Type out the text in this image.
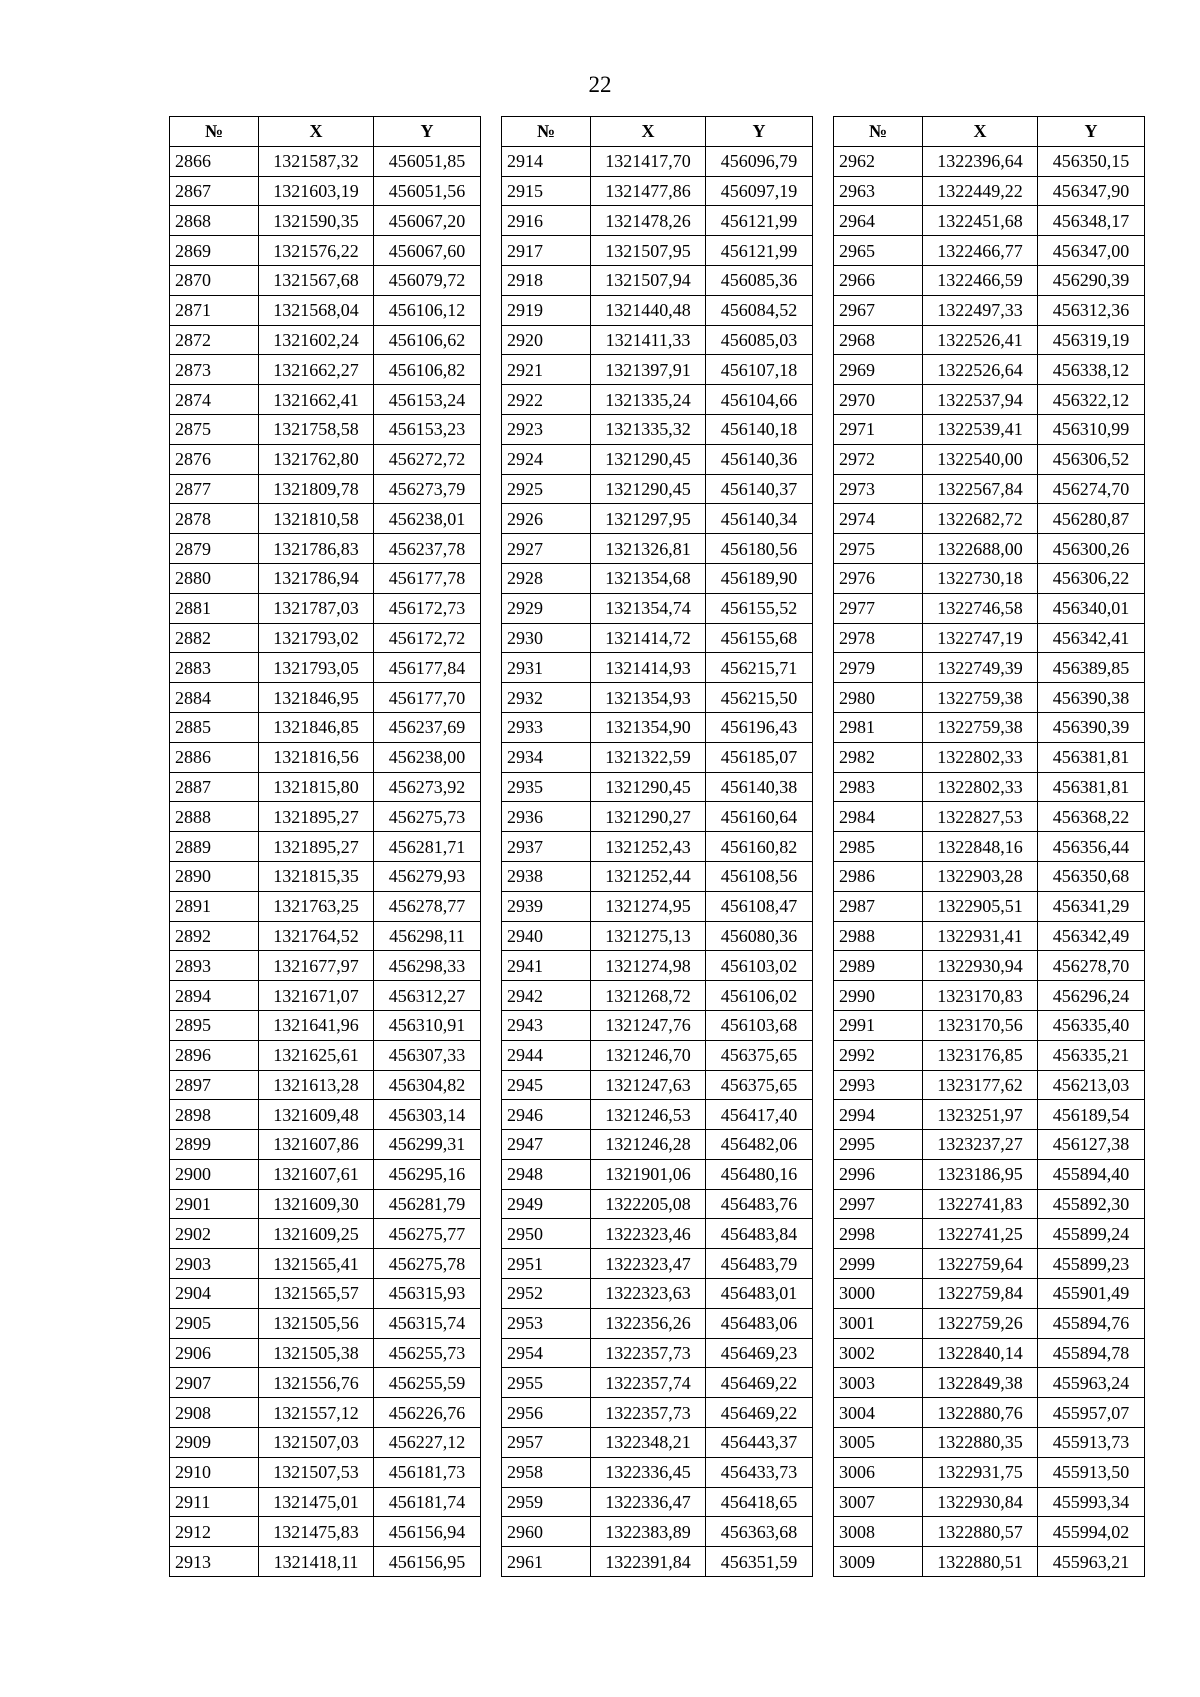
22
№	X	Y
2866	1321587,32	456051,85
2867	1321603,19	456051,56
2868	1321590,35	456067,20
2869	1321576,22	456067,60
2870	1321567,68	456079,72
2871	1321568,04	456106,12
2872	1321602,24	456106,62
2873	1321662,27	456106,82
2874	1321662,41	456153,24
2875	1321758,58	456153,23
2876	1321762,80	456272,72
2877	1321809,78	456273,79
2878	1321810,58	456238,01
2879	1321786,83	456237,78
2880	1321786,94	456177,78
2881	1321787,03	456172,73
2882	1321793,02	456172,72
2883	1321793,05	456177,84
2884	1321846,95	456177,70
2885	1321846,85	456237,69
2886	1321816,56	456238,00
2887	1321815,80	456273,92
2888	1321895,27	456275,73
2889	1321895,27	456281,71
2890	1321815,35	456279,93
2891	1321763,25	456278,77
2892	1321764,52	456298,11
2893	1321677,97	456298,33
2894	1321671,07	456312,27
2895	1321641,96	456310,91
2896	1321625,61	456307,33
2897	1321613,28	456304,82
2898	1321609,48	456303,14
2899	1321607,86	456299,31
2900	1321607,61	456295,16
2901	1321609,30	456281,79
2902	1321609,25	456275,77
2903	1321565,41	456275,78
2904	1321565,57	456315,93
2905	1321505,56	456315,74
2906	1321505,38	456255,73
2907	1321556,76	456255,59
2908	1321557,12	456226,76
2909	1321507,03	456227,12
2910	1321507,53	456181,73
2911	1321475,01	456181,74
2912	1321475,83	456156,94
2913	1321418,11	456156,95
№	X	Y
2914	1321417,70	456096,79
2915	1321477,86	456097,19
2916	1321478,26	456121,99
2917	1321507,95	456121,99
2918	1321507,94	456085,36
2919	1321440,48	456084,52
2920	1321411,33	456085,03
2921	1321397,91	456107,18
2922	1321335,24	456104,66
2923	1321335,32	456140,18
2924	1321290,45	456140,36
2925	1321290,45	456140,37
2926	1321297,95	456140,34
2927	1321326,81	456180,56
2928	1321354,68	456189,90
2929	1321354,74	456155,52
2930	1321414,72	456155,68
2931	1321414,93	456215,71
2932	1321354,93	456215,50
2933	1321354,90	456196,43
2934	1321322,59	456185,07
2935	1321290,45	456140,38
2936	1321290,27	456160,64
2937	1321252,43	456160,82
2938	1321252,44	456108,56
2939	1321274,95	456108,47
2940	1321275,13	456080,36
2941	1321274,98	456103,02
2942	1321268,72	456106,02
2943	1321247,76	456103,68
2944	1321246,70	456375,65
2945	1321247,63	456375,65
2946	1321246,53	456417,40
2947	1321246,28	456482,06
2948	1321901,06	456480,16
2949	1322205,08	456483,76
2950	1322323,46	456483,84
2951	1322323,47	456483,79
2952	1322323,63	456483,01
2953	1322356,26	456483,06
2954	1322357,73	456469,23
2955	1322357,74	456469,22
2956	1322357,73	456469,22
2957	1322348,21	456443,37
2958	1322336,45	456433,73
2959	1322336,47	456418,65
2960	1322383,89	456363,68
2961	1322391,84	456351,59
№	X	Y
2962	1322396,64	456350,15
2963	1322449,22	456347,90
2964	1322451,68	456348,17
2965	1322466,77	456347,00
2966	1322466,59	456290,39
2967	1322497,33	456312,36
2968	1322526,41	456319,19
2969	1322526,64	456338,12
2970	1322537,94	456322,12
2971	1322539,41	456310,99
2972	1322540,00	456306,52
2973	1322567,84	456274,70
2974	1322682,72	456280,87
2975	1322688,00	456300,26
2976	1322730,18	456306,22
2977	1322746,58	456340,01
2978	1322747,19	456342,41
2979	1322749,39	456389,85
2980	1322759,38	456390,38
2981	1322759,38	456390,39
2982	1322802,33	456381,81
2983	1322802,33	456381,81
2984	1322827,53	456368,22
2985	1322848,16	456356,44
2986	1322903,28	456350,68
2987	1322905,51	456341,29
2988	1322931,41	456342,49
2989	1322930,94	456278,70
2990	1323170,83	456296,24
2991	1323170,56	456335,40
2992	1323176,85	456335,21
2993	1323177,62	456213,03
2994	1323251,97	456189,54
2995	1323237,27	456127,38
2996	1323186,95	455894,40
2997	1322741,83	455892,30
2998	1322741,25	455899,24
2999	1322759,64	455899,23
3000	1322759,84	455901,49
3001	1322759,26	455894,76
3002	1322840,14	455894,78
3003	1322849,38	455963,24
3004	1322880,76	455957,07
3005	1322880,35	455913,73
3006	1322931,75	455913,50
3007	1322930,84	455993,34
3008	1322880,57	455994,02
3009	1322880,51	455963,21
